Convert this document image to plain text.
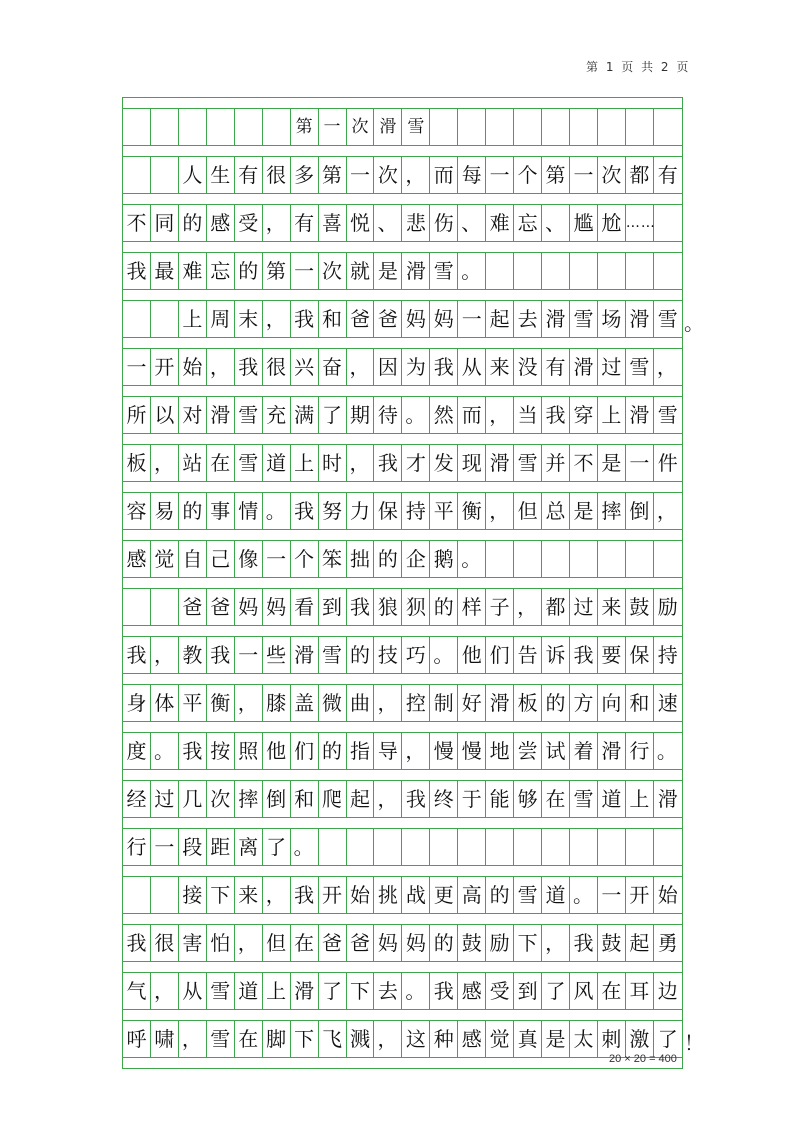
第 1 页 共 2 页
第 一 次 滑 雪
人 生 有 很 多 第 一 次 ， 而 每 一 个 第 一 次 都 有
不 同 的 感 受 ， 有 喜 悦 、 悲 伤 、 难 忘 、 尴 尬 ……
我 最 难 忘 的 第 一 次 就 是 滑 雪 。
上 周 末 ， 我 和 爸 爸 妈 妈 一 起 去 滑 雪 场 滑 雪
一 开 始 ， 我 很 兴 奋 ， 因 为 我 从 来 没 有 滑 过 雪 ，
所 以 对 滑 雪 充 满 了 期 待 。 然 而 ， 当 我 穿 上 滑 雪
板 ， 站 在 雪 道 上 时 ， 我 才 发 现 滑 雪 并 不 是 一 件
容 易 的 事 情 。 我 努 力 保 持 平 衡 ， 但 总 是 摔 倒 ，
感 觉 自 己 像 一 个 笨 拙 的 企 鹅 。
爸 爸 妈 妈 看 到 我 狼 狈 的 样 子 ， 都 过 来 鼓 励
我 ， 教 我 一 些 滑 雪 的 技 巧 。 他 们 告 诉 我 要 保 持
身 体 平 衡 ， 膝 盖 微 曲 ， 控 制 好 滑 板 的 方 向 和 速
度 。 我 按 照 他 们 的 指 导 ， 慢 慢 地 尝 试 着 滑 行 。
经 过 几 次 摔 倒 和 爬 起 ， 我 终 于 能 够 在 雪 道 上 滑
行 一 段 距 离 了 。
接 下 来 ， 我 开 始 挑 战 更 高 的 雪 道 。 一 开 始
我 很 害 怕 ， 但 在 爸 爸 妈 妈 的 鼓 励 下 ， 我 鼓 起 勇
气 ， 从 雪 道 上 滑 了 下 去 。 我 感 受 到 了 风 在 耳 边
呼 啸 ， 雪 在 脚 下 飞 溅 ， 这 种 感 觉 真 是 太 刺 激 了
20 × 20 = 400
。
！
